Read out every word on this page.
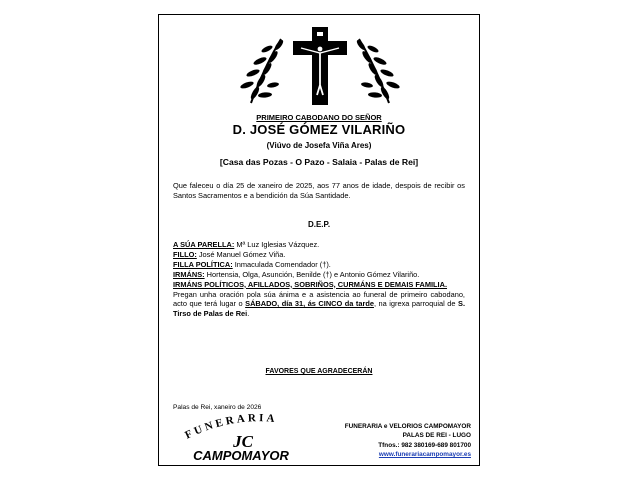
PRIMEIRO CABODANO DO SEÑOR
D. JOSÉ GÓMEZ VILARIÑO
(Viúvo de Josefa Viña Ares)
[Casa das Pozas - O Pazo - Salaia - Palas de Rei]
Que faleceu o día 25 de xaneiro de 2025, aos 77 anos de idade, despois de recibir os Santos Sacramentos e a bendición da Súa Santidade.
D.E.P.

A SÚA PARELLA: Mª Luz Iglesias Vázquez.

FILLO: José Manuel Gómez Viña.

FILLA POLÍTICA: Inmaculada Comendador (†).

IRMÁNS: Hortensia, Olga, Asunción, Benilde (†) e Antonio Gómez Vilariño.

IRMÁNS POLÍTICOS, AFILLADOS, SOBRIÑOS, CURMÁNS E DEMAIS FAMILIA.

Pregan unha oración pola súa ánima e a asistencia ao funeral de primeiro cabodano, acto que terá lugar o SÁBADO, día 31, ás CINCO da tarde, na igrexa parroquial de S. Tirso de Palas de Rei.

FAVORES QUE AGRADECERÁN
Palas de Rei, xaneiro de 2026
FUNERARIA
JC
CAMPOMAYOR
FUNERARIA e VELORIOS CAMPOMAYOR
PALAS DE REI - LUGO
Tfnos.: 982 380169-689 801700
www.funerariacampomayor.es
